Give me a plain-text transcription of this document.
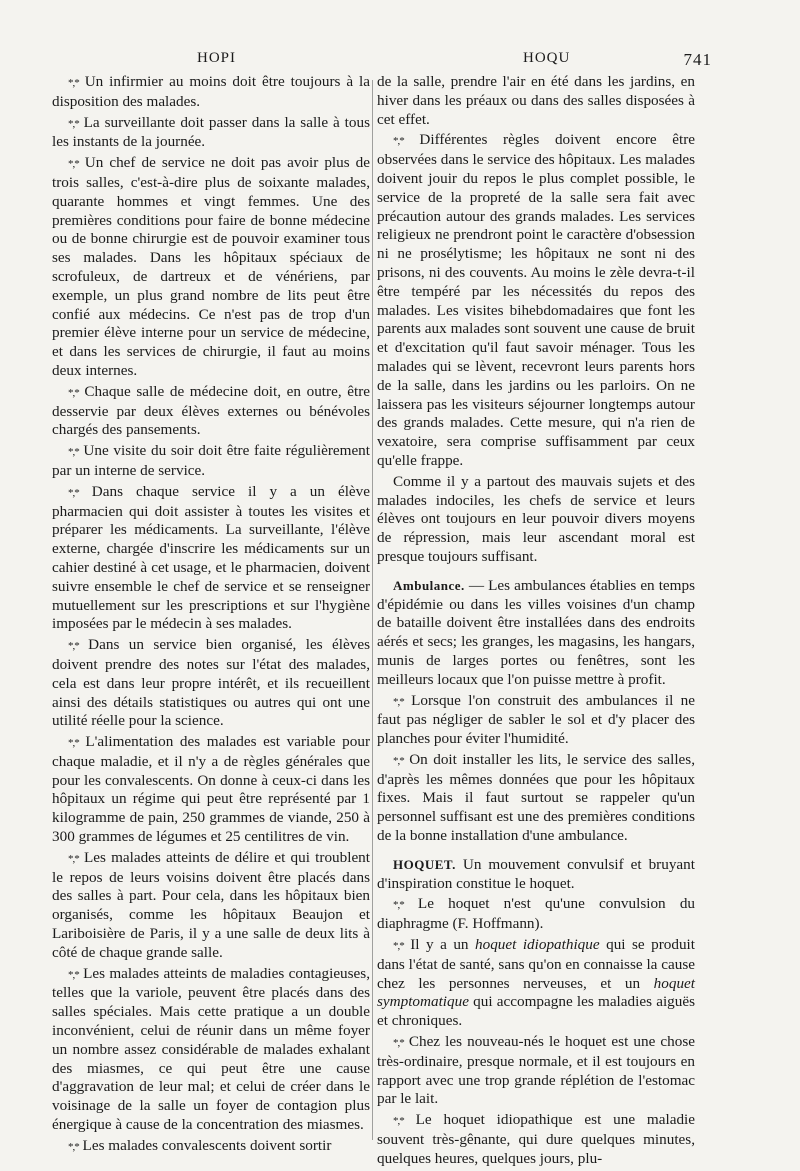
HOPI	HOQU	741

*,* Un infirmier au moins doit être toujours à la disposition des malades.

*,* La surveillante doit passer dans la salle à tous les instants de la journée.

*,* Un chef de service ne doit pas avoir plus de trois salles, c'est-à-dire plus de soixante malades, quarante hommes et vingt femmes. Une des premières conditions pour faire de bonne médecine ou de bonne chirurgie est de pouvoir examiner tous ses malades. Dans les hôpitaux spéciaux de scrofuleux, de dartreux et de vénériens, par exemple, un plus grand nombre de lits peut être confié aux médecins. Ce n'est pas de trop d'un premier élève interne pour un service de médecine, et dans les services de chirurgie, il faut au moins deux internes.

*,* Chaque salle de médecine doit, en outre, être desservie par deux élèves externes ou bénévoles chargés des pansements.

*,* Une visite du soir doit être faite régulièrement par un interne de service.

*,* Dans chaque service il y a un élève pharmacien qui doit assister à toutes les visites et préparer les médicaments. La surveillante, l'élève externe, chargée d'inscrire les médicaments sur un cahier destiné à cet usage, et le pharmacien, doivent suivre ensemble le chef de service et se renseigner mutuellement sur les prescriptions et sur l'hygiène imposées par le médecin à ses malades.

*,* Dans un service bien organisé, les élèves doivent prendre des notes sur l'état des malades, cela est dans leur propre intérêt, et ils recueillent ainsi des détails statistiques ou autres qui ont une utilité réelle pour la science.

*,* L'alimentation des malades est variable pour chaque maladie, et il n'y a de règles générales que pour les convalescents. On donne à ceux-ci dans les hôpitaux un régime qui peut être représenté par 1 kilogramme de pain, 250 grammes de viande, 250 à 300 grammes de légumes et 25 centilitres de vin.

*,* Les malades atteints de délire et qui troublent le repos de leurs voisins doivent être placés dans des salles à part. Pour cela, dans les hôpitaux bien organisés, comme les hôpitaux Beaujon et Lariboisière de Paris, il y a une salle de deux lits à côté de chaque grande salle.

*,* Les malades atteints de maladies contagieuses, telles que la variole, peuvent être placés dans des salles spéciales. Mais cette pratique a un double inconvénient, celui de réunir dans un même foyer un nombre assez considérable de malades exhalant des miasmes, ce qui peut être une cause d'aggravation de leur mal; et celui de créer dans le voisinage de la salle un foyer de contagion plus énergique à cause de la concentration des miasmes.

*,* Les malades convalescents doivent sortir

de la salle, prendre l'air en été dans les jardins, en hiver dans les préaux ou dans des salles disposées à cet effet.

*,* Différentes règles doivent encore être observées dans le service des hôpitaux. Les malades doivent jouir du repos le plus complet possible, le service de la propreté de la salle sera fait avec précaution autour des grands malades. Les services religieux ne prendront point le caractère d'obsession ni ne prosélytisme; les hôpitaux ne sont ni des prisons, ni des couvents. Au moins le zèle devra-t-il être tempéré par les nécessités du repos des malades. Les visites bihebdomadaires que font les parents aux malades sont souvent une cause de bruit et d'excitation qu'il faut savoir ménager. Tous les malades qui se lèvent, recevront leurs parents hors de la salle, dans les jardins ou les parloirs. On ne laissera pas les visiteurs séjourner longtemps autour des grands malades. Cette mesure, qui n'a rien de vexatoire, sera comprise suffisamment par ceux qu'elle frappe.

Comme il y a partout des mauvais sujets et des malades indociles, les chefs de service et leurs élèves ont toujours en leur pouvoir divers moyens de répression, mais leur ascendant moral est presque toujours suffisant.

Ambulance. — Les ambulances établies en temps d'épidémie ou dans les villes voisines d'un champ de bataille doivent être installées dans des endroits aérés et secs; les granges, les magasins, les hangars, munis de larges portes ou fenêtres, sont les meilleurs locaux que l'on puisse mettre à profit.

*,* Lorsque l'on construit des ambulances il ne faut pas négliger de sabler le sol et d'y placer des planches pour éviter l'humidité.

*,* On doit installer les lits, le service des salles, d'après les mêmes données que pour les hôpitaux fixes. Mais il faut surtout se rappeler qu'un personnel suffisant est une des premières conditions de la bonne installation d'une ambulance.

HOQUET. Un mouvement convulsif et bruyant d'inspiration constitue le hoquet.

*,* Le hoquet n'est qu'une convulsion du diaphragme (F. Hoffmann).

*,* Il y a un hoquet idiopathique qui se produit dans l'état de santé, sans qu'on en connaisse la cause chez les personnes nerveuses, et un hoquet symptomatique qui accompagne les maladies aiguës et chroniques.

*,* Chez les nouveau-nés le hoquet est une chose très-ordinaire, presque normale, et il est toujours en rapport avec une trop grande réplétion de l'estomac par le lait.

*,* Le hoquet idiopathique est une maladie souvent très-gênante, qui dure quelques minutes, quelques heures, quelques jours, plu-
